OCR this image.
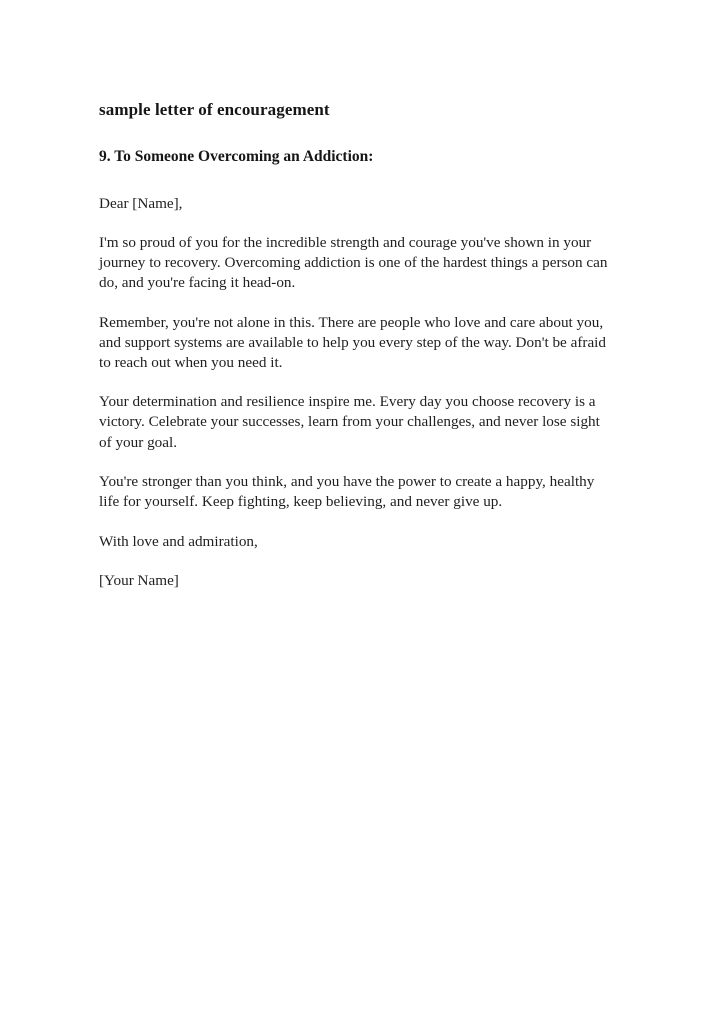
sample letter of encouragement
9. To Someone Overcoming an Addiction:

Dear [Name],

I'm so proud of you for the incredible strength and courage you've shown in your journey to recovery. Overcoming addiction is one of the hardest things a person can do, and you're facing it head-on.

Remember, you're not alone in this. There are people who love and care about you, and support systems are available to help you every step of the way. Don't be afraid to reach out when you need it.

Your determination and resilience inspire me. Every day you choose recovery is a victory. Celebrate your successes, learn from your challenges, and never lose sight of your goal.

You're stronger than you think, and you have the power to create a happy, healthy life for yourself. Keep fighting, keep believing, and never give up.

With love and admiration,

[Your Name]
